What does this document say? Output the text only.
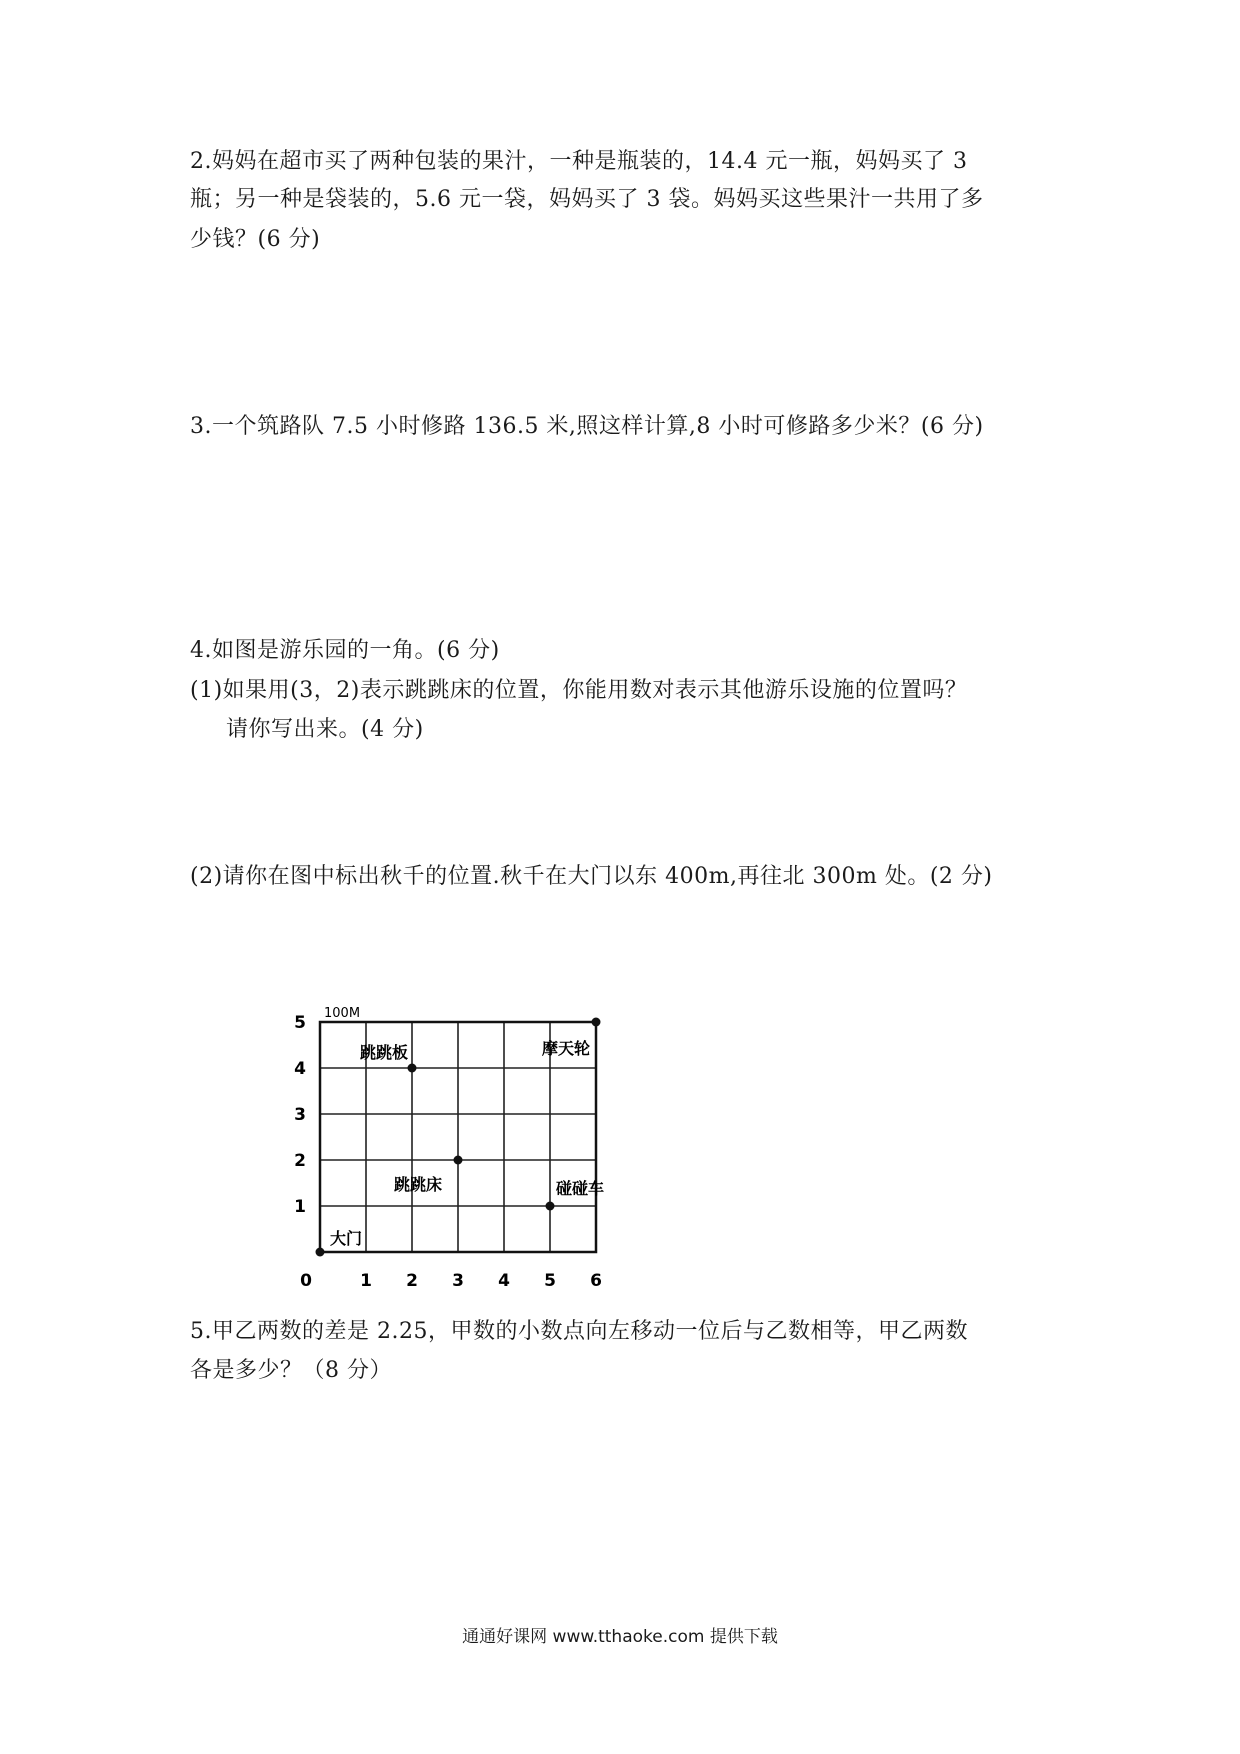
2.妈妈在超市买了两种包装的果汁，一种是瓶装的，14.4 元一瓶，妈妈买了 3
瓶；另一种是袋装的，5.6 元一袋，妈妈买了 3 袋。妈妈买这些果汁一共用了多
少钱？(6 分)
3.一个筑路队 7.5 小时修路 136.5 米,照这样计算,8 小时可修路多少米？(6 分)
4.如图是游乐园的一角。(6 分)
(1)如果用(3，2)表示跳跳床的位置，你能用数对表示其他游乐设施的位置吗？
请你写出来。(4 分)
(2)请你在图中标出秋千的位置.秋千在大门以东 400m,再往北 300m 处。(2 分)
0	1 2 3 4 5 6
1
2
3
4
5 100M
大门
跳跳板	摩天轮
跳跳床	碰碰车
5.甲乙两数的差是 2.25，甲数的小数点向左移动一位后与乙数相等，甲乙两数
各是多少？（8 分）
通通好课网 www.tthaoke.com 提供下载
